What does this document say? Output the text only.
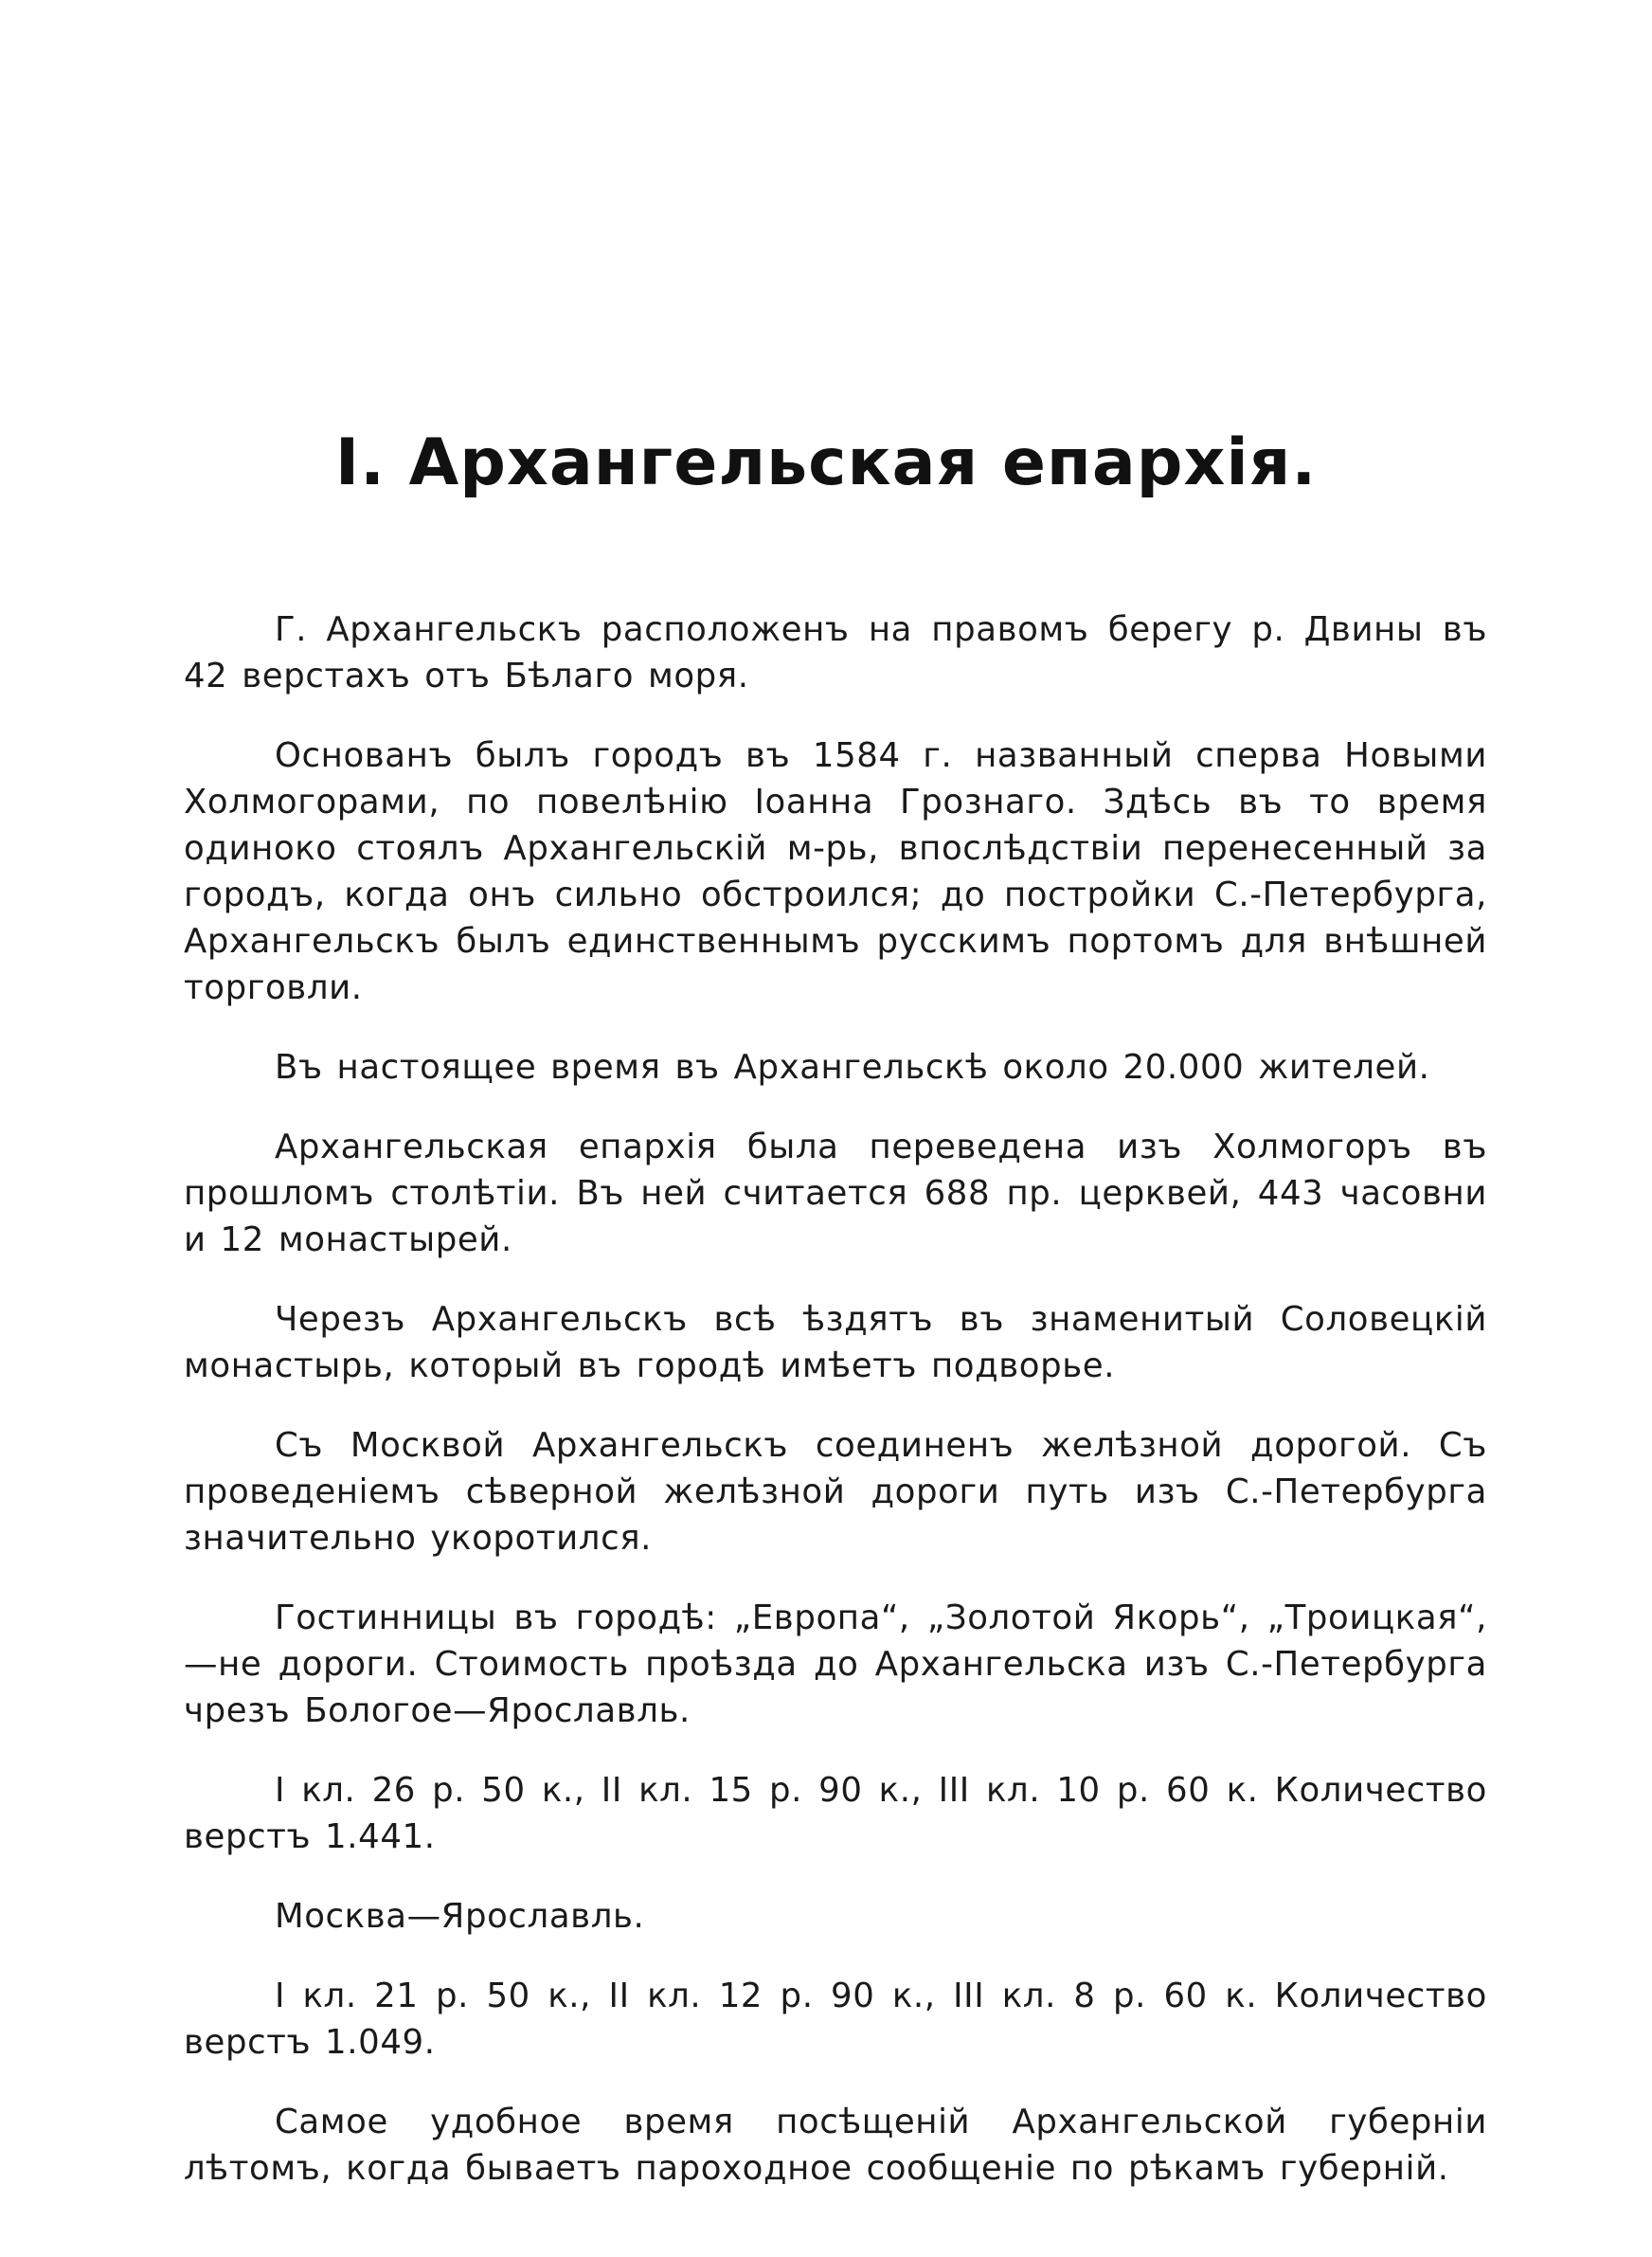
I. Архангельская епархія.

Г. Архангельскъ расположенъ на правомъ берегу р. Двины въ 42 верстахъ отъ Бѣлаго моря.

Основанъ былъ городъ въ 1584 г. названный сперва Новыми Холмогорами, по повелѣнію Іоанна Грознаго. Здѣсь въ то время одиноко стоялъ Архангельскій м-рь, впослѣдствіи перенесенный за городъ, когда онъ сильно обстроился; до постройки С.-Петербурга, Архангельскъ былъ единственнымъ русскимъ портомъ для внѣшней торговли.

Въ настоящее время въ Архангельскѣ около 20.000 жителей.

Архангельская епархія была переведена изъ Холмогоръ въ прошломъ столѣтіи. Въ ней считается 688 пр. церквей, 443 часовни и 12 монастырей.

Черезъ Архангельскъ всѣ ѣздятъ въ знаменитый Соловецкій монастырь, который въ городѣ имѣетъ подворье.

Съ Москвой Архангельскъ соединенъ желѣзной дорогой. Съ проведеніемъ сѣверной желѣзной дороги путь изъ С.-Петербурга значительно укоротился.

Гостинницы въ городѣ: „Европа“, „Золотой Якорь“, „Троицкая“,—не дороги. Стоимость проѣзда до Архангельска изъ С.-Петербурга чрезъ Бологое—Ярославль.

I кл. 26 р. 50 к., II кл. 15 р. 90 к., III кл. 10 р. 60 к. Количество верстъ 1.441.

Москва—Ярославль.

I кл. 21 р. 50 к., II кл. 12 р. 90 к., III кл. 8 р. 60 к. Количество верстъ 1.049.

Самое удобное время посѣщеній Архангельской губерніи лѣтомъ, когда бываетъ пароходное сообщеніе по рѣкамъ губерній.
